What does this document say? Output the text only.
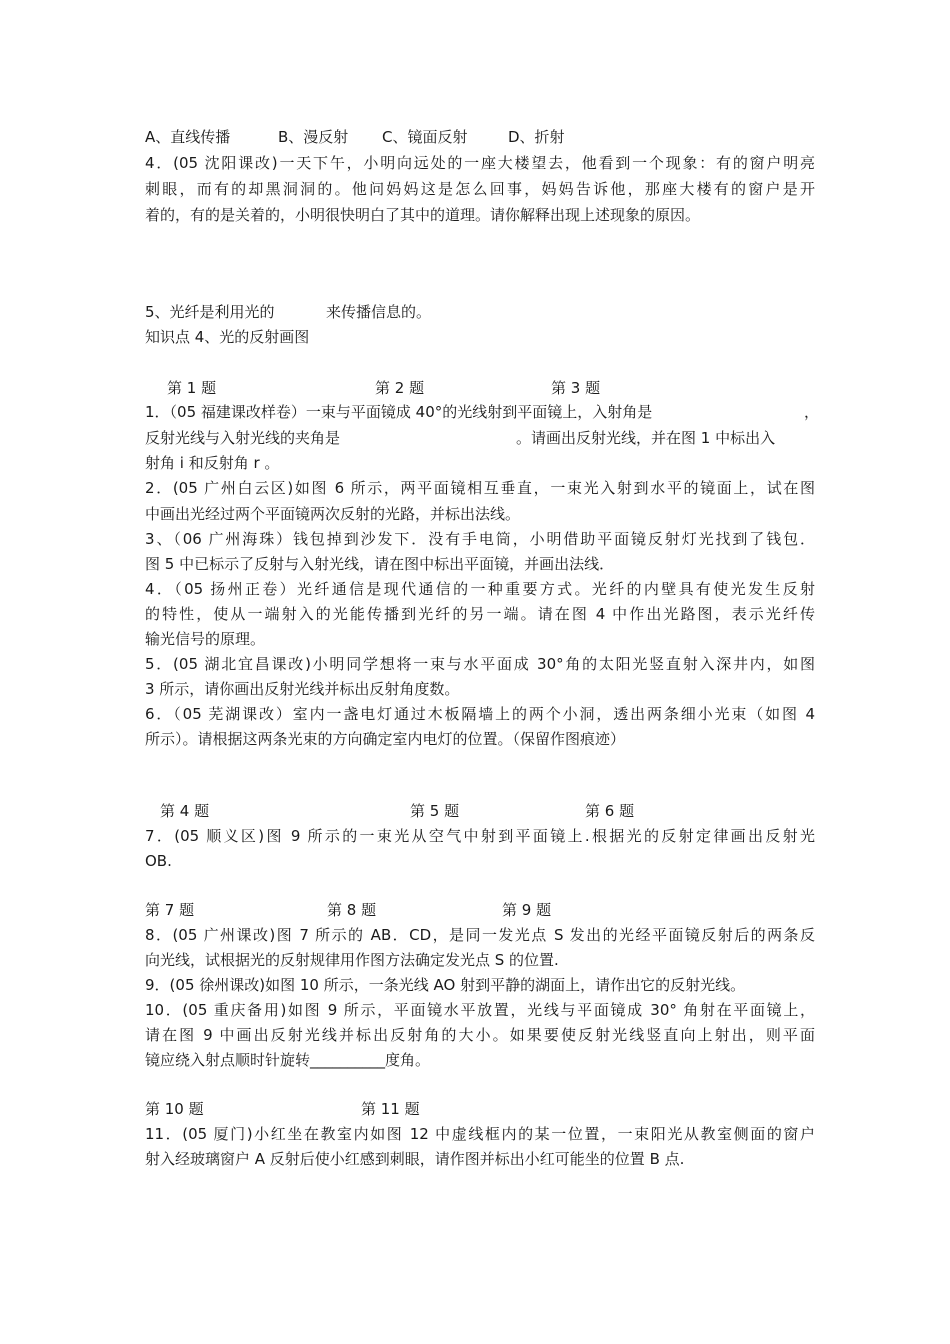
A、直线传播	B、漫反射 C、镜面反射	D、折射
4．(05 沈阳课改)一天下午，小明向远处的一座大楼望去，他看到一个现象：有的窗户明亮
刺眼，而有的却黑洞洞的。他问妈妈这是怎么回事，妈妈告诉他，那座大楼有的窗户是开
着的，有的是关着的，小明很快明白了其中的道理。请你解释出现上述现象的原因。
5、光纤是利用光的	来传播信息的。
知识点 4、光的反射画图
第 1 题	第 2 题	第 3 题
1．（05 福建课改样卷）一束与平面镜成 40°的光线射到平面镜上，入射角是	，
反射光线与入射光线的夹角是	。请画出反射光线，并在图 1 中标出入
射角 i 和反射角 r 。
2．(05 广州白云区)如图 6 所示，两平面镜相互垂直，一束光入射到水平的镜面上，试在图
中画出光经过两个平面镜两次反射的光路，并标出法线。
3、（06 广州海珠）钱包掉到沙发下．没有手电筒，小明借助平面镜反射灯光找到了钱包．
图 5 中已标示了反射与入射光线，请在图中标出平面镜，并画出法线．
4．（05 扬州正卷）光纤通信是现代通信的一种重要方式。光纤的内壁具有使光发生反射
的特性，使从一端射入的光能传播到光纤的另一端。请在图 4 中作出光路图，表示光纤传
输光信号的原理。
5．(05 湖北宜昌课改)小明同学想将一束与水平面成 30°角的太阳光竖直射入深井内，如图
3 所示，请你画出反射光线并标出反射角度数。
6．（05 芜湖课改）室内一盏电灯通过木板隔墙上的两个小洞，透出两条细小光束（如图 4
所示）。请根据这两条光束的方向确定室内电灯的位置。（保留作图痕迹）
第 4 题	第 5 题	第 6 题
7．(05 顺义区)图 9 所示的一束光从空气中射到平面镜上.根据光的反射定律画出反射光
OB.
第 7 题	第 8 题	第 9 题
8．(05 广州课改)图 7 所示的 AB．CD，是同一发光点 S 发出的光经平面镜反射后的两条反
向光线，试根据光的反射规律用作图方法确定发光点 S 的位置.
9．(05 徐州课改)如图 10 所示，一条光线 AO 射到平静的湖面上，请作出它的反射光线。
10．(05 重庆备用)如图 9 所示，平面镜水平放置，光线与平面镜成 30° 角射在平面镜上，
请在图 9 中画出反射光线并标出反射角的大小。如果要使反射光线竖直向上射出，则平面
镜应绕入射点顺时针旋转__________度角。
第 10 题	第 11 题
11．(05 厦门)小红坐在教室内如图 12 中虚线框内的某一位置，一束阳光从教室侧面的窗户
射入经玻璃窗户 A 反射后使小红感到刺眼，请作图并标出小红可能坐的位置 B 点.
